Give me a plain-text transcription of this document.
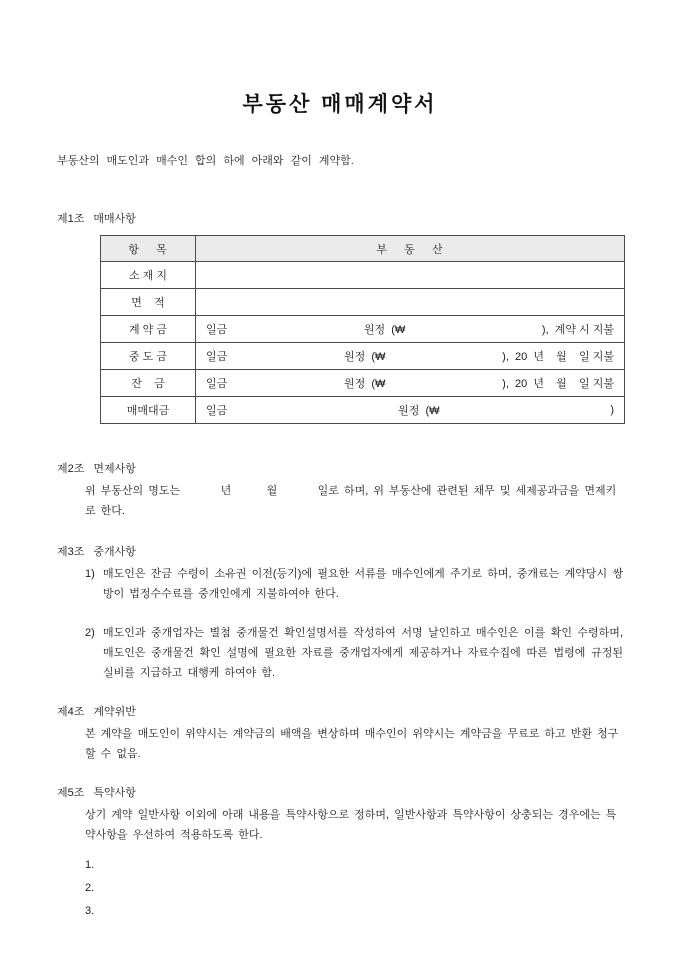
부동산 매매계약서

부동산의 매도인과 매수인 합의 하에 아래와 같이 계약함.

제1조 매매사항
항    목	부    동    산
소 재 지	
면    적	
계 약 금	일금 원정  (₩ ),  계약 시 지불

중 도 금	일금 원정  (₩ ),  20  년    월    일 지불

잔    금	일금 원정  (₩ ),  20  년    월    일 지불

매매대금	일금 원정  (₩ )
제2조 면제사항

위 부동산의 명도는        년       월        일로 하며, 위 부동산에 관련된 채무 및 세제공과금을 면제키로 한다.

제3조 중개사항
1) 매도인은 잔금 수령이 소유권 이전(등기)에 필요한 서류를 매수인에게 주기로 하며, 중개료는 계약당시 쌍방이 법정수수료를 중개인에게 지불하여야 한다.
2) 매도인과 중개업자는 별첨 중개물건 확인설명서를 작성하여 서명 날인하고 매수인은 이를 확인 수령하며, 매도인은 중개물건 확인 설명에 필요한 자료를 중개업자에게 제공하거나 자료수집에 따른 법령에 규정된 실비를 지급하고 대행케 하여야 함.
제4조 계약위반

본 계약을 매도인이 위약시는 계약금의 배액을 변상하며 매수인이 위약시는 계약금을 무료로 하고 반환 청구 할 수 없음.

제5조 특약사항

상기 계약 일반사항 이외에 아래 내용을 특약사항으로 정하며, 일반사항과 특약사항이 상충되는 경우에는 특약사항을 우선하여 적용하도록 한다.

1.
2.
3.
